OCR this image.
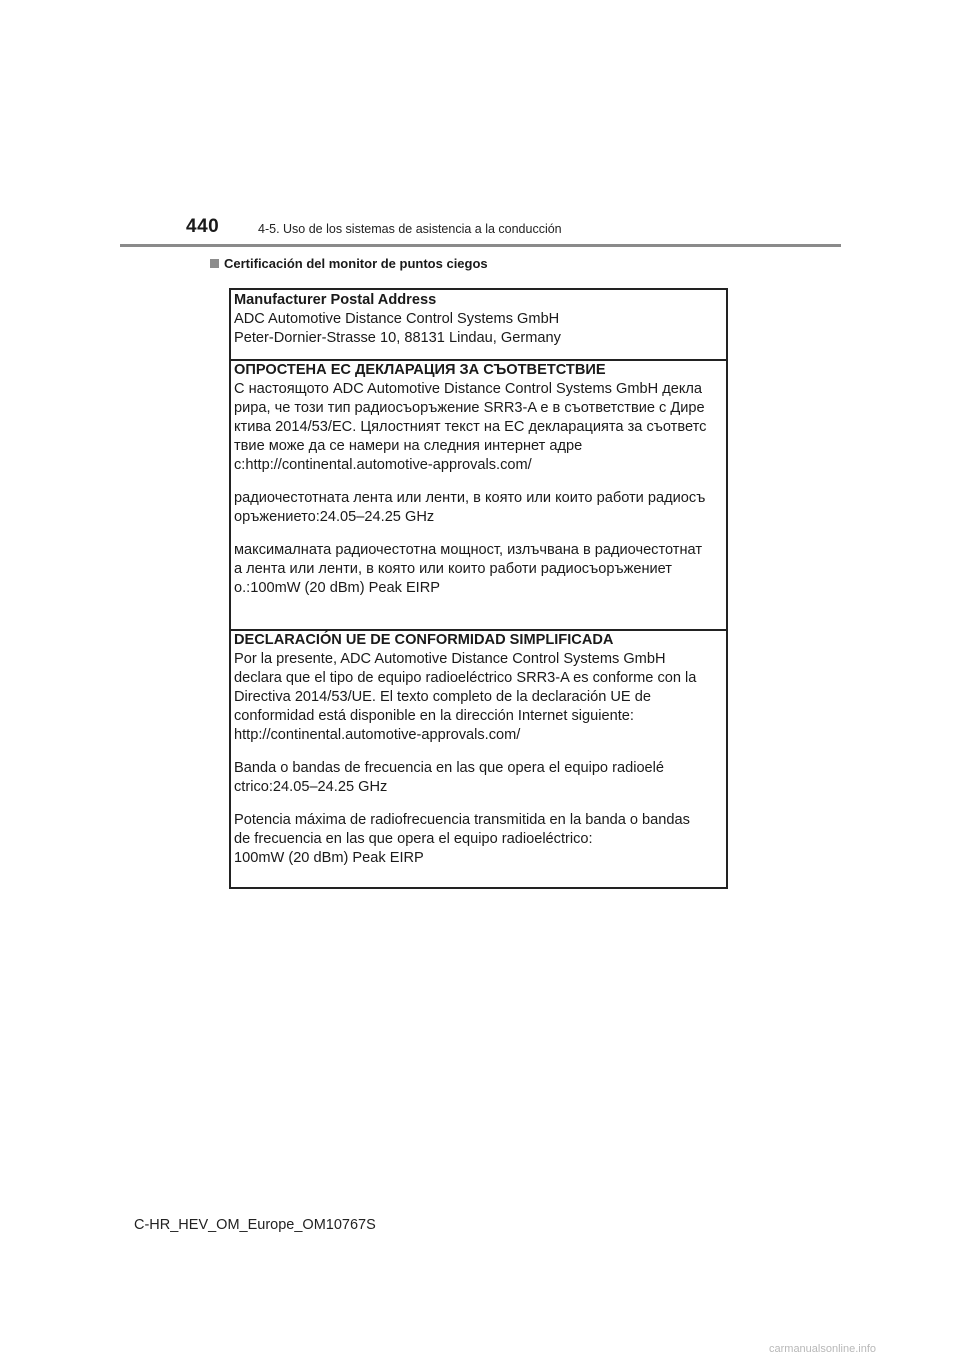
440	4-5. Uso de los sistemas de asistencia a la conducción
Certificación del monitor de puntos ciegos
Manufacturer Postal Address
ADC Automotive Distance Control Systems GmbH
Peter-Dornier-Strasse 10, 88131 Lindau, Germany
ОПРОСТЕНА ЕС ДЕКЛАРАЦИЯ ЗА СЪОТВЕТСТВИЕ
С настоящото ADC Automotive Distance Control Systems GmbH декла
рира, че този тип радиосъоръжение SRR3-A е в съответствие с Дире
ктива 2014/53/ЕС. Цялостният текст на ЕС декларацията за съответс
твие може да се намери на следния интернет адре
с:http://continental.automotive-approvals.com/
радиочестотната лента или ленти, в която или които работи радиосъ
оръжението:24.05–24.25 GHz
максималната радиочестотна мощност, излъчвана в радиочестотнат
а лента или ленти, в която или които работи радиосъоръжениет
о.:100mW (20 dBm) Peak EIRP
DECLARACIÓN UE DE CONFORMIDAD SIMPLIFICADA
Por la presente, ADC Automotive Distance Control Systems GmbH
declara que el tipo de equipo radioeléctrico SRR3-A es conforme con la
Directiva 2014/53/UE. El texto completo de la declaración UE de
conformidad está disponible en la dirección Internet siguiente:
http://continental.automotive-approvals.com/
Banda o bandas de frecuencia en las que opera el equipo radioelé
ctrico:24.05–24.25 GHz
Potencia máxima de radiofrecuencia transmitida en la banda o bandas
de frecuencia en las que opera el equipo radioeléctrico:
100mW (20 dBm) Peak EIRP
C-HR_HEV_OM_Europe_OM10767S
carmanualsonline.info
